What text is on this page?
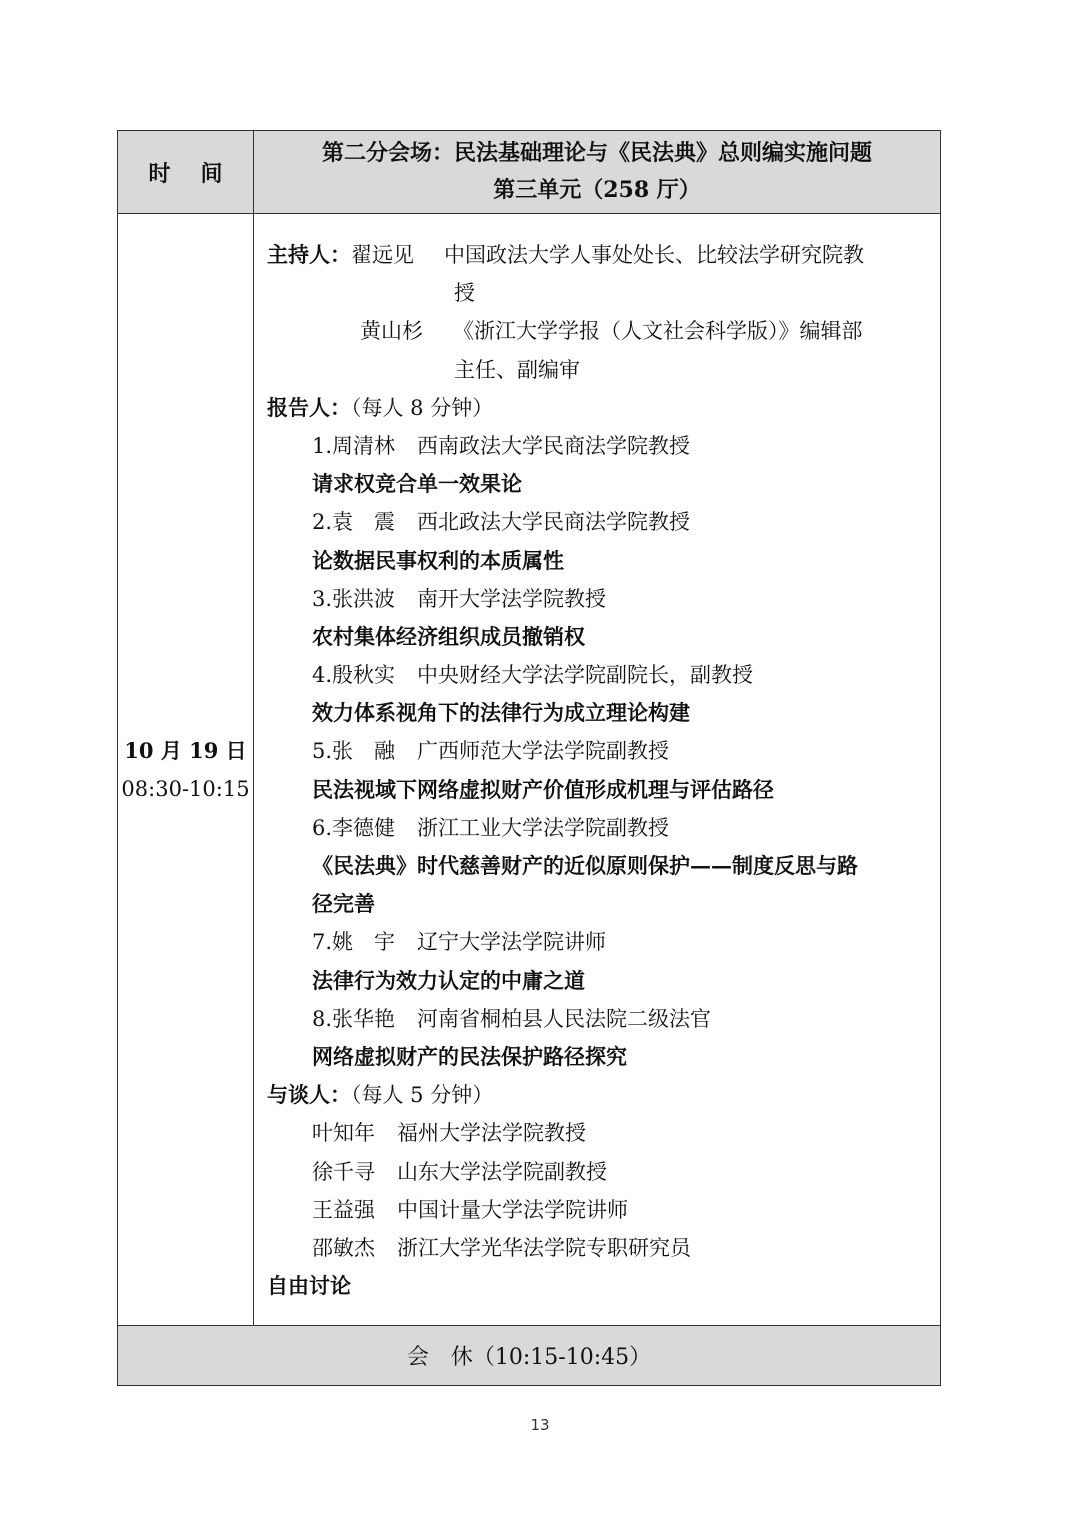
时间
第二分会场：民法基础理论与《民法典》总则编实施问题
第三单元（258 厅）
10 月 19 日
08:30-10:15
主持人：翟远见 中国政法大学人事处处长、比较法学研究院教
授
黄山杉 《浙江大学学报（人文社会科学版）》编辑部
主任、副编审
报告人：（每人 8 分钟）
1.周清林 西南政法大学民商法学院教授
请求权竞合单一效果论
2.袁　震 西北政法大学民商法学院教授
论数据民事权利的本质属性
3.张洪波 南开大学法学院教授
农村集体经济组织成员撤销权
4.殷秋实 中央财经大学法学院副院长，副教授
效力体系视角下的法律行为成立理论构建
5.张　融 广西师范大学法学院副教授
民法视域下网络虚拟财产价值形成机理与评估路径
6.李德健 浙江工业大学法学院副教授
《民法典》时代慈善财产的近似原则保护——制度反思与路
径完善
7.姚　宇 辽宁大学法学院讲师
法律行为效力认定的中庸之道
8.张华艳 河南省桐柏县人民法院二级法官
网络虚拟财产的民法保护路径探究
与谈人：（每人 5 分钟）
叶知年 福州大学法学院教授
徐千寻 山东大学法学院副教授
王益强 中国计量大学法学院讲师
邵敏杰 浙江大学光华法学院专职研究员
自由讨论
会　休 （10:15-10:45）
13
